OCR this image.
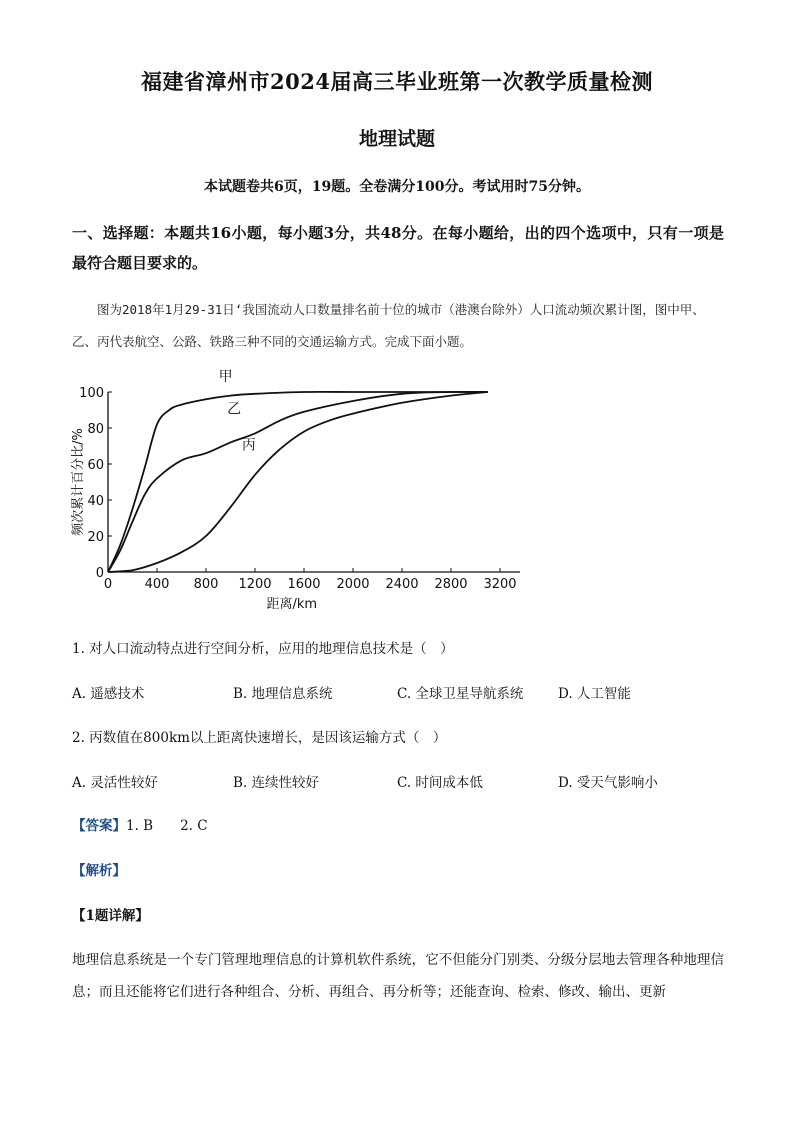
福建省漳州市2024届高三毕业班第一次教学质量检测
地理试题
本试题卷共6页，19题。全卷满分100分。考试用时75分钟。
一、选择题：本题共16小题，每小题3分，共48分。在每小题给，出的四个选项中，只有一项是最符合题目要求的。
图为2018年1月29-31日‘我国流动人口数量排名前十位的城市（港澳台除外）人口流动频次累计图，图中甲、乙、丙代表航空、公路、铁路三种不同的交通运输方式。完成下面小题。
0 400 800 1200 1600 2000 2400 2800 3200
0
20
40
60
80
100
距离/km
频次累计百分比/%
甲
乙
丙
1. 对人口流动特点进行空间分析，应用的地理信息技术是（　）
A. 遥感技术	B. 地理信息系统	C. 全球卫星导航系统	D. 人工智能
2. 丙数值在800km以上距离快速增长，是因该运输方式（　）
A. 灵活性较好	B. 连续性较好	C. 时间成本低	D. 受天气影响小
【答案】1. B　　2. C
【解析】
【1题详解】
地理信息系统是一个专门管理地理信息的计算机软件系统，它不但能分门别类、分级分层地去管理各种地理信息；而且还能将它们进行各种组合、分析、再组合、再分析等；还能查询、检索、修改、输出、更新
